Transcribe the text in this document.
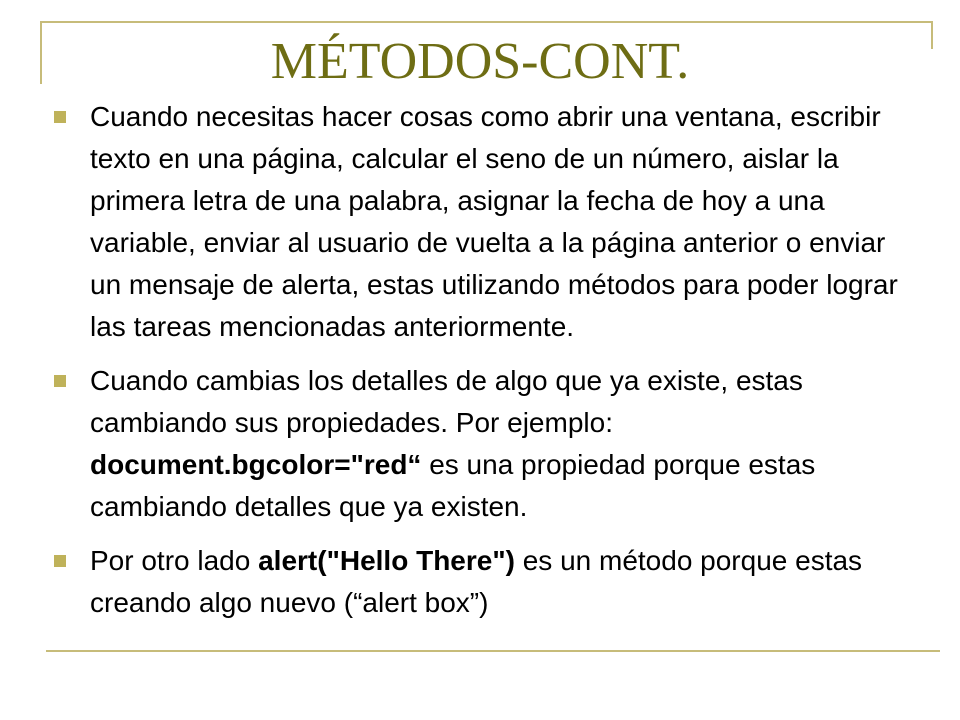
MÉTODOS-CONT.
Cuando necesitas hacer cosas como abrir una ventana, escribir texto en una página, calcular el seno de un número, aislar la primera letra de una palabra, asignar la fecha de hoy a una variable, enviar al usuario de vuelta a la página anterior o enviar un mensaje de alerta, estas utilizando métodos para poder lograr las tareas mencionadas anteriormente.
Cuando cambias los detalles de algo que ya existe, estas cambiando sus propiedades. Por ejemplo: document.bgcolor="red“ es una propiedad porque estas cambiando detalles que ya existen.
Por otro lado alert("Hello There") es un método porque estas creando algo nuevo (“alert box”)
